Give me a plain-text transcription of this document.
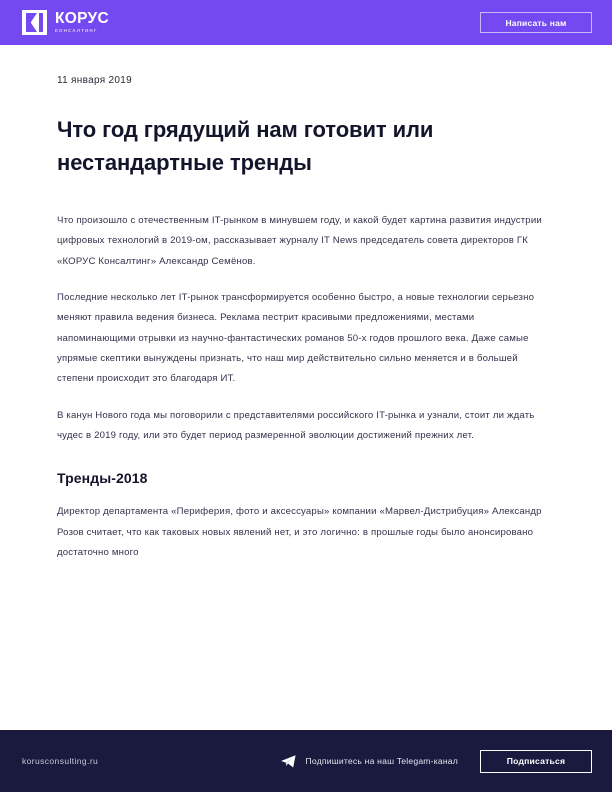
КОРУС
КОНСАЛТИНГ
Написать нам
11 января 2019
Что год грядущий нам готовит или нестандартные тренды

Что произошло с отечественным IT-рынком в минувшем году, и какой будет картина развития индустрии цифровых технологий в 2019-ом, рассказывает журналу IT News председатель совета директоров ГК «КОРУС Консалтинг» Александр Семёнов.

Последние несколько лет IT-рынок трансформируется особенно быстро, а новые технологии серьезно меняют правила ведения бизнеса. Реклама пестрит красивыми предложениями, местами напоминающими отрывки из научно-фантастических романов 50-х годов прошлого века. Даже самые упрямые скептики вынуждены признать, что наш мир действительно сильно меняется и в большей степени происходит это благодаря ИТ.

В канун Нового года мы поговорили с представителями российского IT-рынка и узнали, стоит ли ждать чудес в 2019 году, или это будет период размеренной эволюции достижений прежних лет.

Тренды-2018

Директор департамента «Периферия, фото и аксессуары» компании «Марвел-Дистрибуция» Александр Розов считает, что как таковых новых явлений нет, и это логично: в прошлые годы было анонсировано достаточно много

korusconsulting.ru	Подпишитесь на наш Telegam-канал	Подписаться
